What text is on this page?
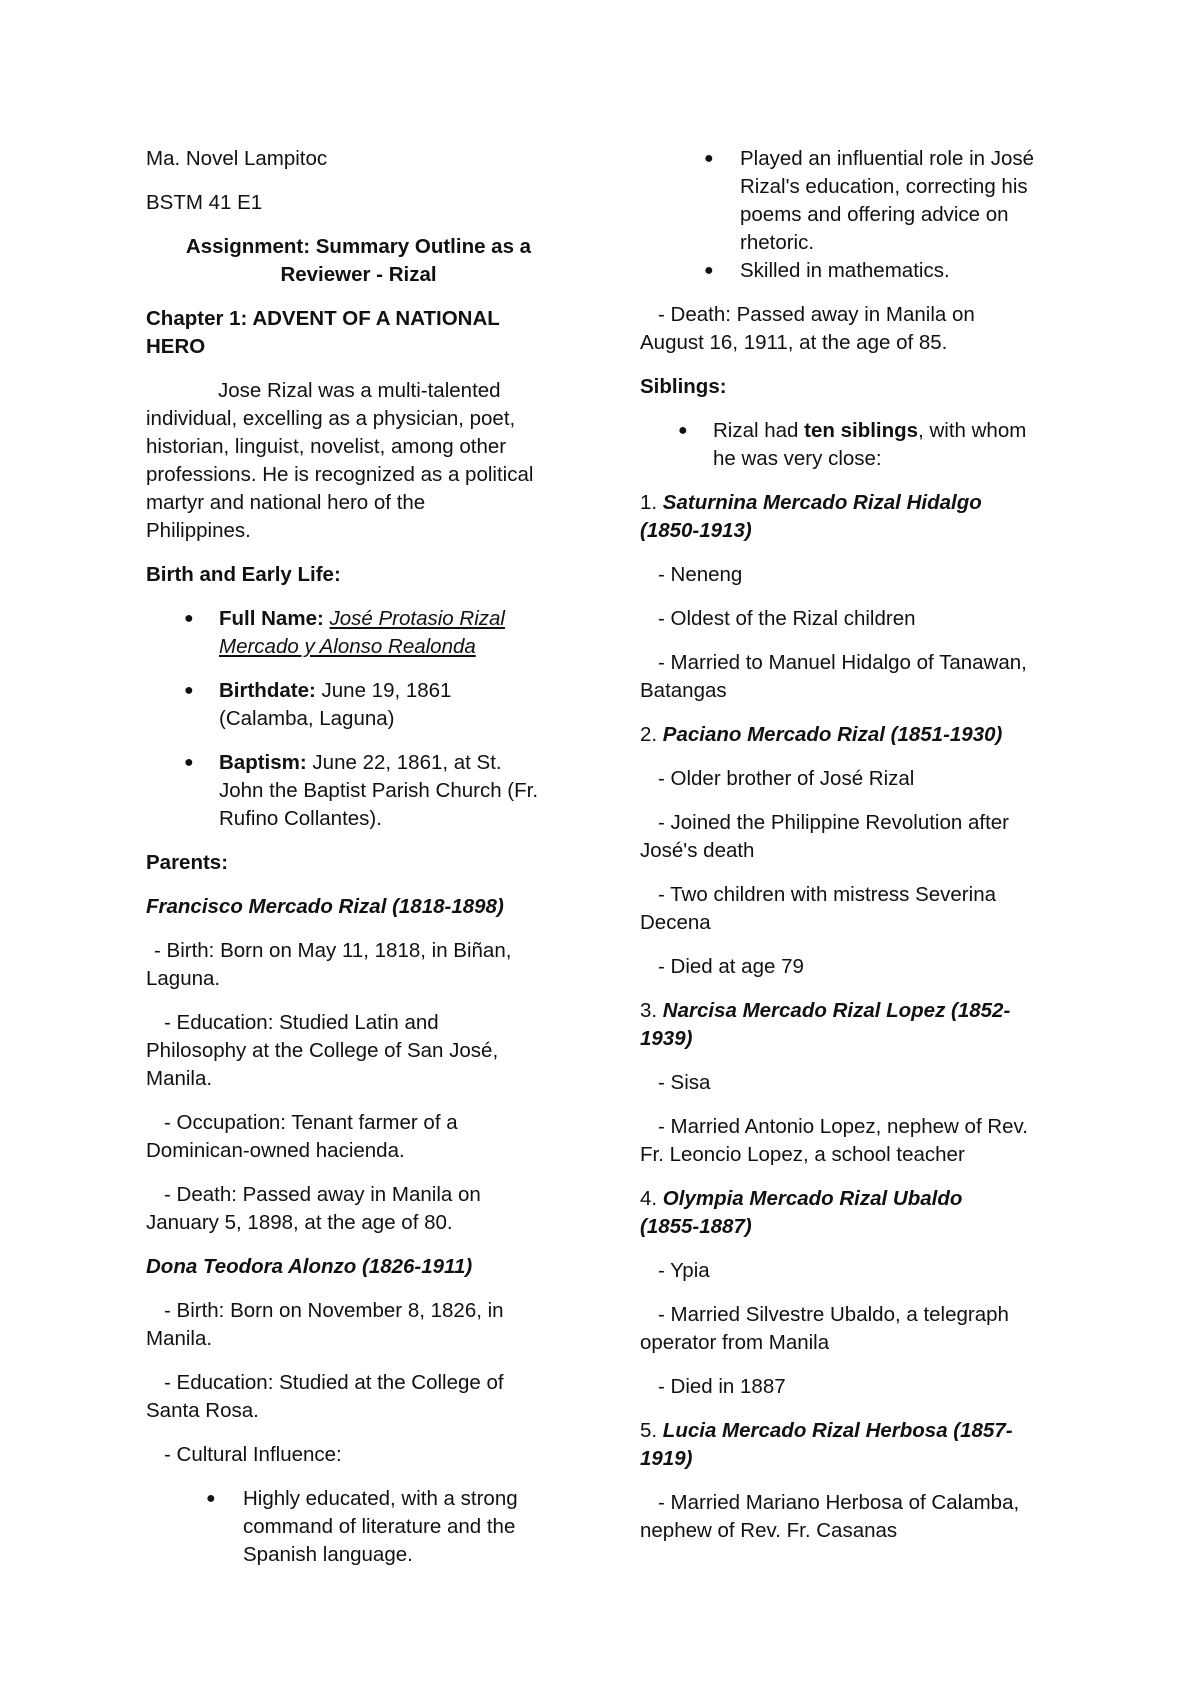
Ma. Novel Lampitoc
BSTM 41 E1
Assignment: Summary Outline as a
Reviewer - Rizal
Chapter 1: ADVENT OF A NATIONAL
HERO
Jose Rizal was a multi-talented
individual, excelling as a physician, poet,
historian, linguist, novelist, among other
professions. He is recognized as a political
martyr and national hero of the
Philippines.
Birth and Early Life:
● Full Name: José Protasio Rizal
Mercado y Alonso Realonda
● Birthdate: June 19, 1861
(Calamba, Laguna)
● Baptism: June 22, 1861, at St.
John the Baptist Parish Church (Fr.
Rufino Collantes).
Parents:
Francisco Mercado Rizal (1818-1898)
- Birth: Born on May 11, 1818, in Biñan,
Laguna.
- Education: Studied Latin and
Philosophy at the College of San José,
Manila.
- Occupation: Tenant farmer of a
Dominican-owned hacienda.
- Death: Passed away in Manila on
January 5, 1898, at the age of 80.
Dona Teodora Alonzo (1826-1911)
- Birth: Born on November 8, 1826, in
Manila.
- Education: Studied at the College of
Santa Rosa.
- Cultural Influence:
● Highly educated, with a strong
command of literature and the
Spanish language.
● Played an influential role in José
Rizal's education, correcting his
poems and offering advice on
rhetoric.
● Skilled in mathematics.
- Death: Passed away in Manila on
August 16, 1911, at the age of 85.
Siblings:
● Rizal had ten siblings, with whom
he was very close:
1. Saturnina Mercado Rizal Hidalgo
(1850-1913)
- Neneng
- Oldest of the Rizal children
- Married to Manuel Hidalgo of Tanawan,
Batangas
2. Paciano Mercado Rizal (1851-1930)
- Older brother of José Rizal
- Joined the Philippine Revolution after
José's death
- Two children with mistress Severina
Decena
- Died at age 79
3. Narcisa Mercado Rizal Lopez (1852-
1939)
- Sisa
- Married Antonio Lopez, nephew of Rev.
Fr. Leoncio Lopez, a school teacher
4. Olympia Mercado Rizal Ubaldo
(1855-1887)
- Ypia
- Married Silvestre Ubaldo, a telegraph
operator from Manila
- Died in 1887
5. Lucia Mercado Rizal Herbosa (1857-
1919)
- Married Mariano Herbosa of Calamba,
nephew of Rev. Fr. Casanas
